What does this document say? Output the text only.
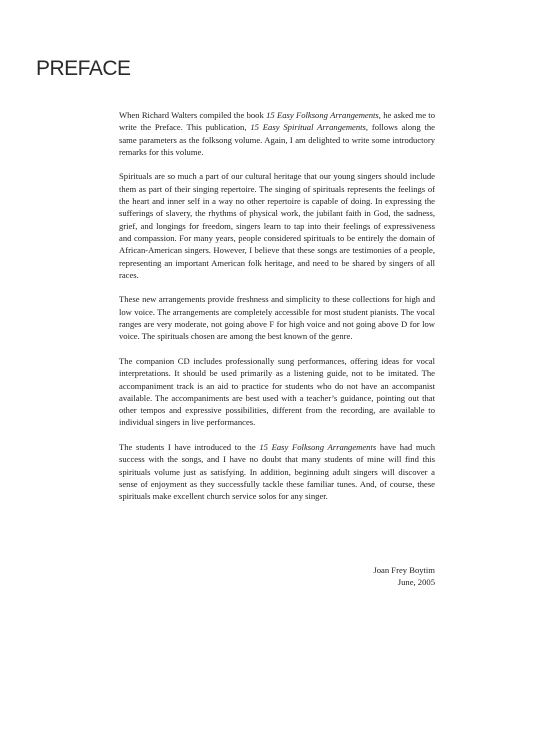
PREFACE

When Richard Walters compiled the book 15 Easy Folksong Arrangements, he asked me to write the Preface. This publication, 15 Easy Spiritual Arrangements, follows along the same parameters as the folksong volume. Again, I am delighted to write some introductory remarks for this volume.

Spirituals are so much a part of our cultural heritage that our young singers should include them as part of their singing repertoire. The singing of spirituals represents the feelings of the heart and inner self in a way no other repertoire is capable of doing. In expressing the sufferings of slavery, the rhythms of physical work, the jubilant faith in God, the sadness, grief, and longings for freedom, singers learn to tap into their feelings of expressiveness and compassion. For many years, people considered spirituals to be entirely the domain of African-American singers. However, I believe that these songs are testimonies of a people, representing an important American folk heritage, and need to be shared by singers of all races.

These new arrangements provide freshness and simplicity to these collections for high and low voice. The arrangements are completely accessible for most student pianists. The vocal ranges are very moderate, not going above F for high voice and not going above D for low voice. The spirituals chosen are among the best known of the genre.

The companion CD includes professionally sung performances, offering ideas for vocal interpretations. It should be used primarily as a listening guide, not to be imitated. The accompaniment track is an aid to practice for students who do not have an accompanist available. The accompaniments are best used with a teacher’s guidance, pointing out that other tempos and expressive possibilities, different from the recording, are available to individual singers in live performances.

The students I have introduced to the 15 Easy Folksong Arrangements have had much success with the songs, and I have no doubt that many students of mine will find this spirituals volume just as satisfying. In addition, beginning adult singers will discover a sense of enjoyment as they successfully tackle these familiar tunes. And, of course, these spirituals make excellent church service solos for any singer.

Joan Frey Boytim
June, 2005
